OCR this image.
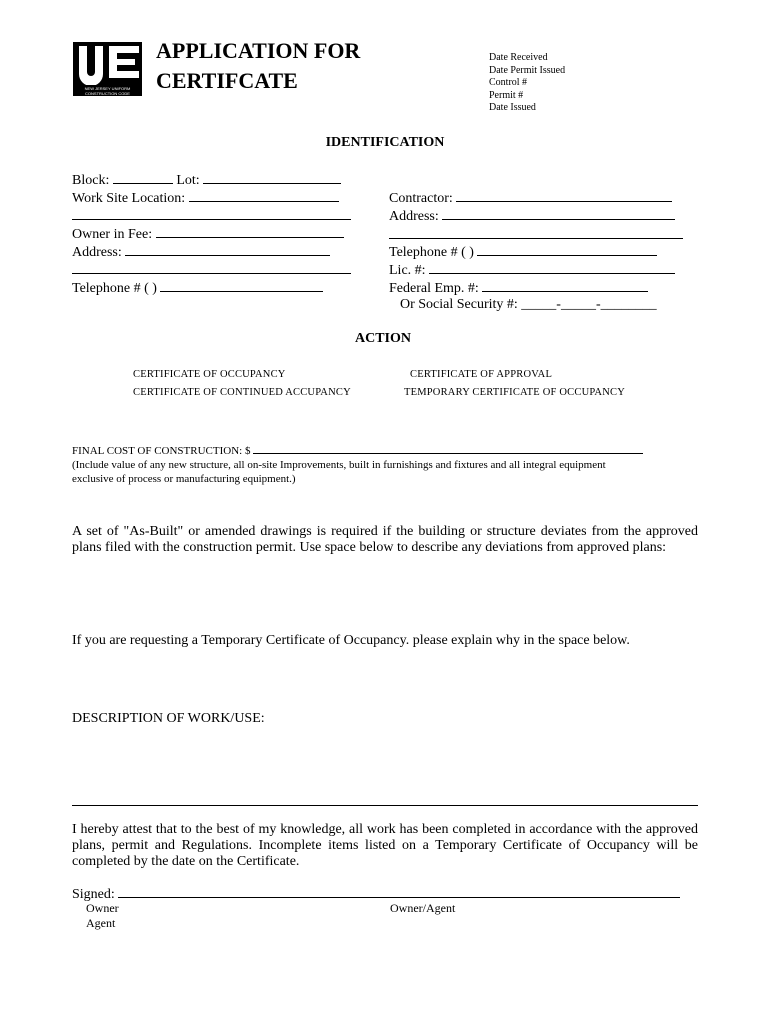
NEW JERSEY UNIFORM
CONSTRUCTION CODE
APPLICATION FOR
CERTIFCATE
Date Received
Date Permit Issued
Control #
Permit #
Date Issued
IDENTIFICATION
Block:	Lot:
Work Site Location:
Owner in Fee:
Address:
Telephone # ( )
Contractor:
Address:
Telephone # ( )
Lic. #:
Federal Emp. #:
Or Social Security #: _____-_____-________
ACTION
CERTIFICATE OF OCCUPANCY	CERTIFICATE OF APPROVAL
CERTIFICATE OF CONTINUED ACCUPANCY	TEMPORARY CERTIFICATE OF OCCUPANCY
FINAL COST OF CONSTRUCTION: $
(Include value of any new structure, all on-site Improvements, built in furnishings and fixtures and all integral equipment
exclusive of process or manufacturing equipment.)
A set of "As-Built" or amended drawings is required if the building or structure deviates from the approved plans filed with the construction permit. Use space below to describe any deviations from approved plans:
If you are requesting a Temporary Certificate of Occupancy. please explain why in the space below.
DESCRIPTION OF WORK/USE:
I hereby attest that to the best of my knowledge, all work has been completed in accordance with the approved plans, permit and Regulations. Incomplete items listed on a Temporary Certificate of Occupancy will be completed by the date on the Certificate.
Signed:
Owner
Agent
Owner/Agent
